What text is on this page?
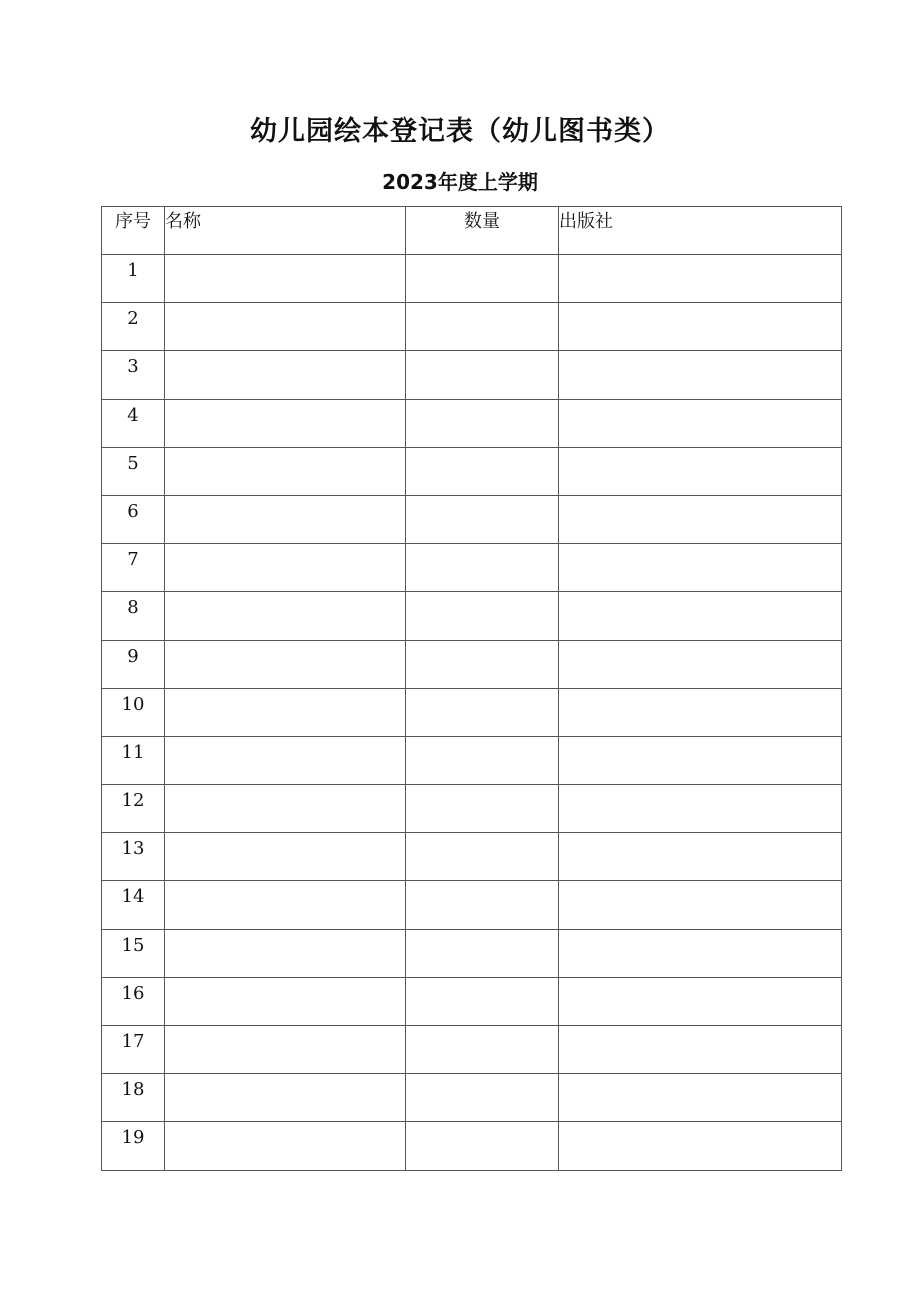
幼儿园绘本登记表（幼儿图书类）
2023年度上学期
序号	名称	数量	出版社
1			
2			
3			
4			
5			
6			
7			
8			
9			
10			
11			
12			
13			
14			
15			
16			
17			
18			
19			
